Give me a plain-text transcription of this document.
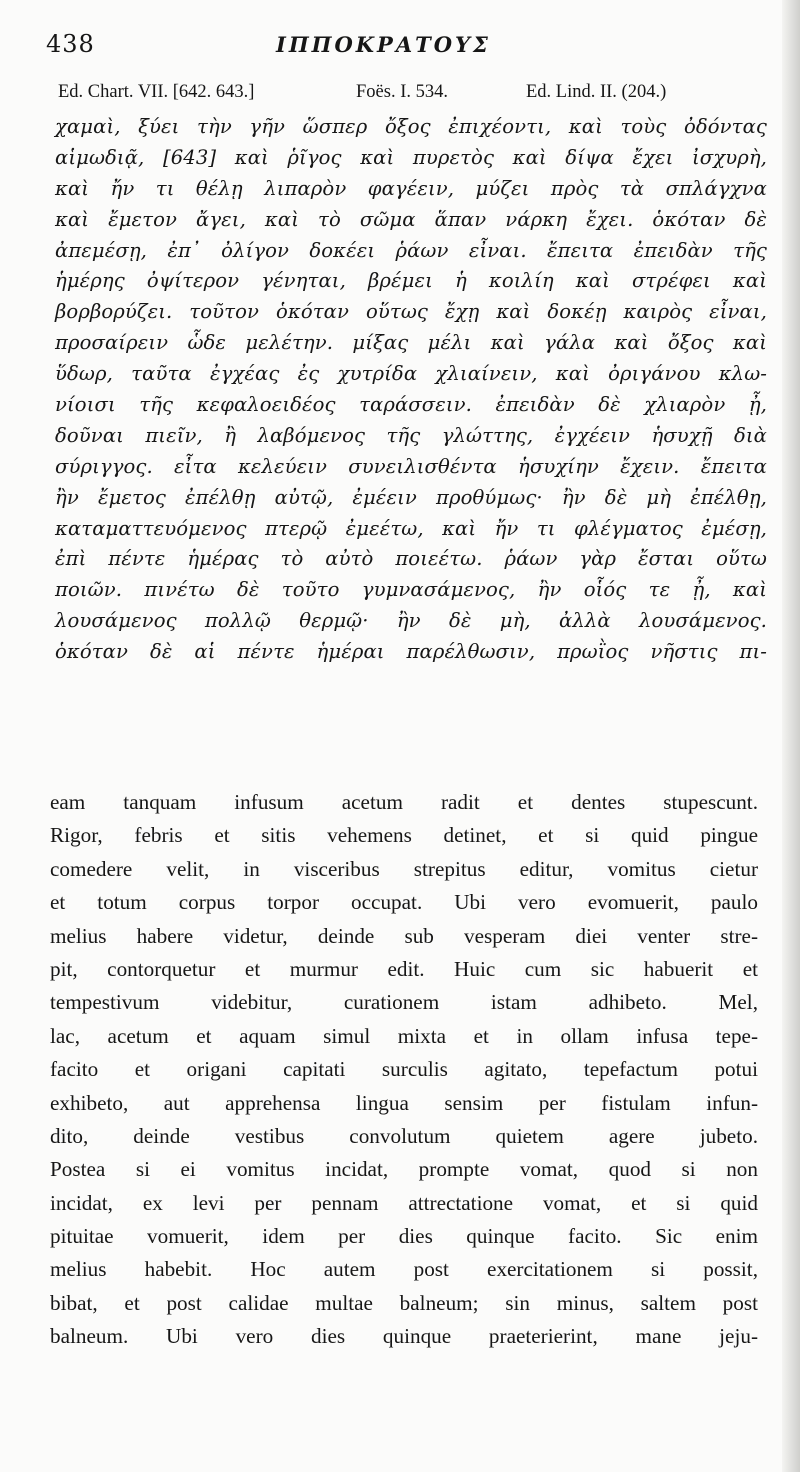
438	ΙΠΠΟΚΡΑΤΟΥΣ
Ed. Chart. VII. [642. 643.]	Foës. I. 534.	Ed. Lind. II. (204.)
χαμαὶ, ξύει τὴν γῆν ὥσπερ ὄξος ἐπιχέοντι, καὶ τοὺς ὀδόντας
αἱμωδιᾷ, [643] καὶ ῥῖγος καὶ πυρετὸς καὶ δίψα ἔχει ἰσχυρὴ,
καὶ ἤν τι θέλῃ λιπαρὸν φαγέειν, μύζει πρὸς τὰ σπλάγχνα
καὶ ἔμετον ἄγει, καὶ τὸ σῶμα ἅπαν νάρκη ἔχει. ὁκόταν δὲ
ἀπεμέσῃ, ἐπ᾽ ὀλίγον δοκέει ῥάων εἶναι. ἔπειτα ἐπειδὰν τῆς
ἡμέρης ὀψίτερον γένηται, βρέμει ἡ κοιλίη καὶ στρέφει καὶ
βορβορύζει. τοῦτον ὁκόταν οὕτως ἔχῃ καὶ δοκέῃ καιρὸς εἶναι,
προσαίρειν ὧδε μελέτην. μίξας μέλι καὶ γάλα καὶ ὄξος καὶ
ὕδωρ, ταῦτα ἐγχέας ἐς χυτρίδα χλιαίνειν, καὶ ὀριγάνου κλω-
νίοισι τῆς κεφαλοειδέος ταράσσειν. ἐπειδὰν δὲ χλιαρὸν ᾖ,
δοῦναι πιεῖν, ἢ λαβόμενος τῆς γλώττης, ἐγχέειν ἡσυχῇ διὰ
σύριγγος. εἶτα κελεύειν συνειλισθέντα ἡσυχίην ἔχειν. ἔπειτα
ἢν ἔμετος ἐπέλθῃ αὐτῷ, ἐμέειν προθύμως· ἢν δὲ μὴ ἐπέλθῃ,
καταματτευόμενος πτερῷ ἐμεέτω, καὶ ἤν τι φλέγματος ἐμέσῃ,
ἐπὶ πέντε ἡμέρας τὸ αὐτὸ ποιεέτω. ῥάων γὰρ ἔσται οὕτω
ποιῶν. πινέτω δὲ τοῦτο γυμνασάμενος, ἢν οἷός τε ᾖ, καὶ
λουσάμενος πολλῷ θερμῷ· ἢν δὲ μὴ, ἀλλὰ λουσάμενος.
ὁκόταν δὲ αἱ πέντε ἡμέραι παρέλθωσιν, πρωῒος νῆστις πι-
eam tanquam infusum acetum radit et dentes stupescunt.
Rigor, febris et sitis vehemens detinet, et si quid pingue
comedere velit, in visceribus strepitus editur, vomitus cietur
et totum corpus torpor occupat. Ubi vero evomuerit, paulo
melius habere videtur, deinde sub vesperam diei venter stre-
pit, contorquetur et murmur edit. Huic cum sic habuerit et
tempestivum videbitur, curationem istam adhibeto. Mel,
lac, acetum et aquam simul mixta et in ollam infusa tepe-
facito et origani capitati surculis agitato, tepefactum potui
exhibeto, aut apprehensa lingua sensim per fistulam infun-
dito, deinde vestibus convolutum quietem agere jubeto.
Postea si ei vomitus incidat, prompte vomat, quod si non
incidat, ex levi per pennam attrectatione vomat, et si quid
pituitae vomuerit, idem per dies quinque facito. Sic enim
melius habebit. Hoc autem post exercitationem si possit,
bibat, et post calidae multae balneum; sin minus, saltem post
balneum. Ubi vero dies quinque praeterierint, mane jeju-
